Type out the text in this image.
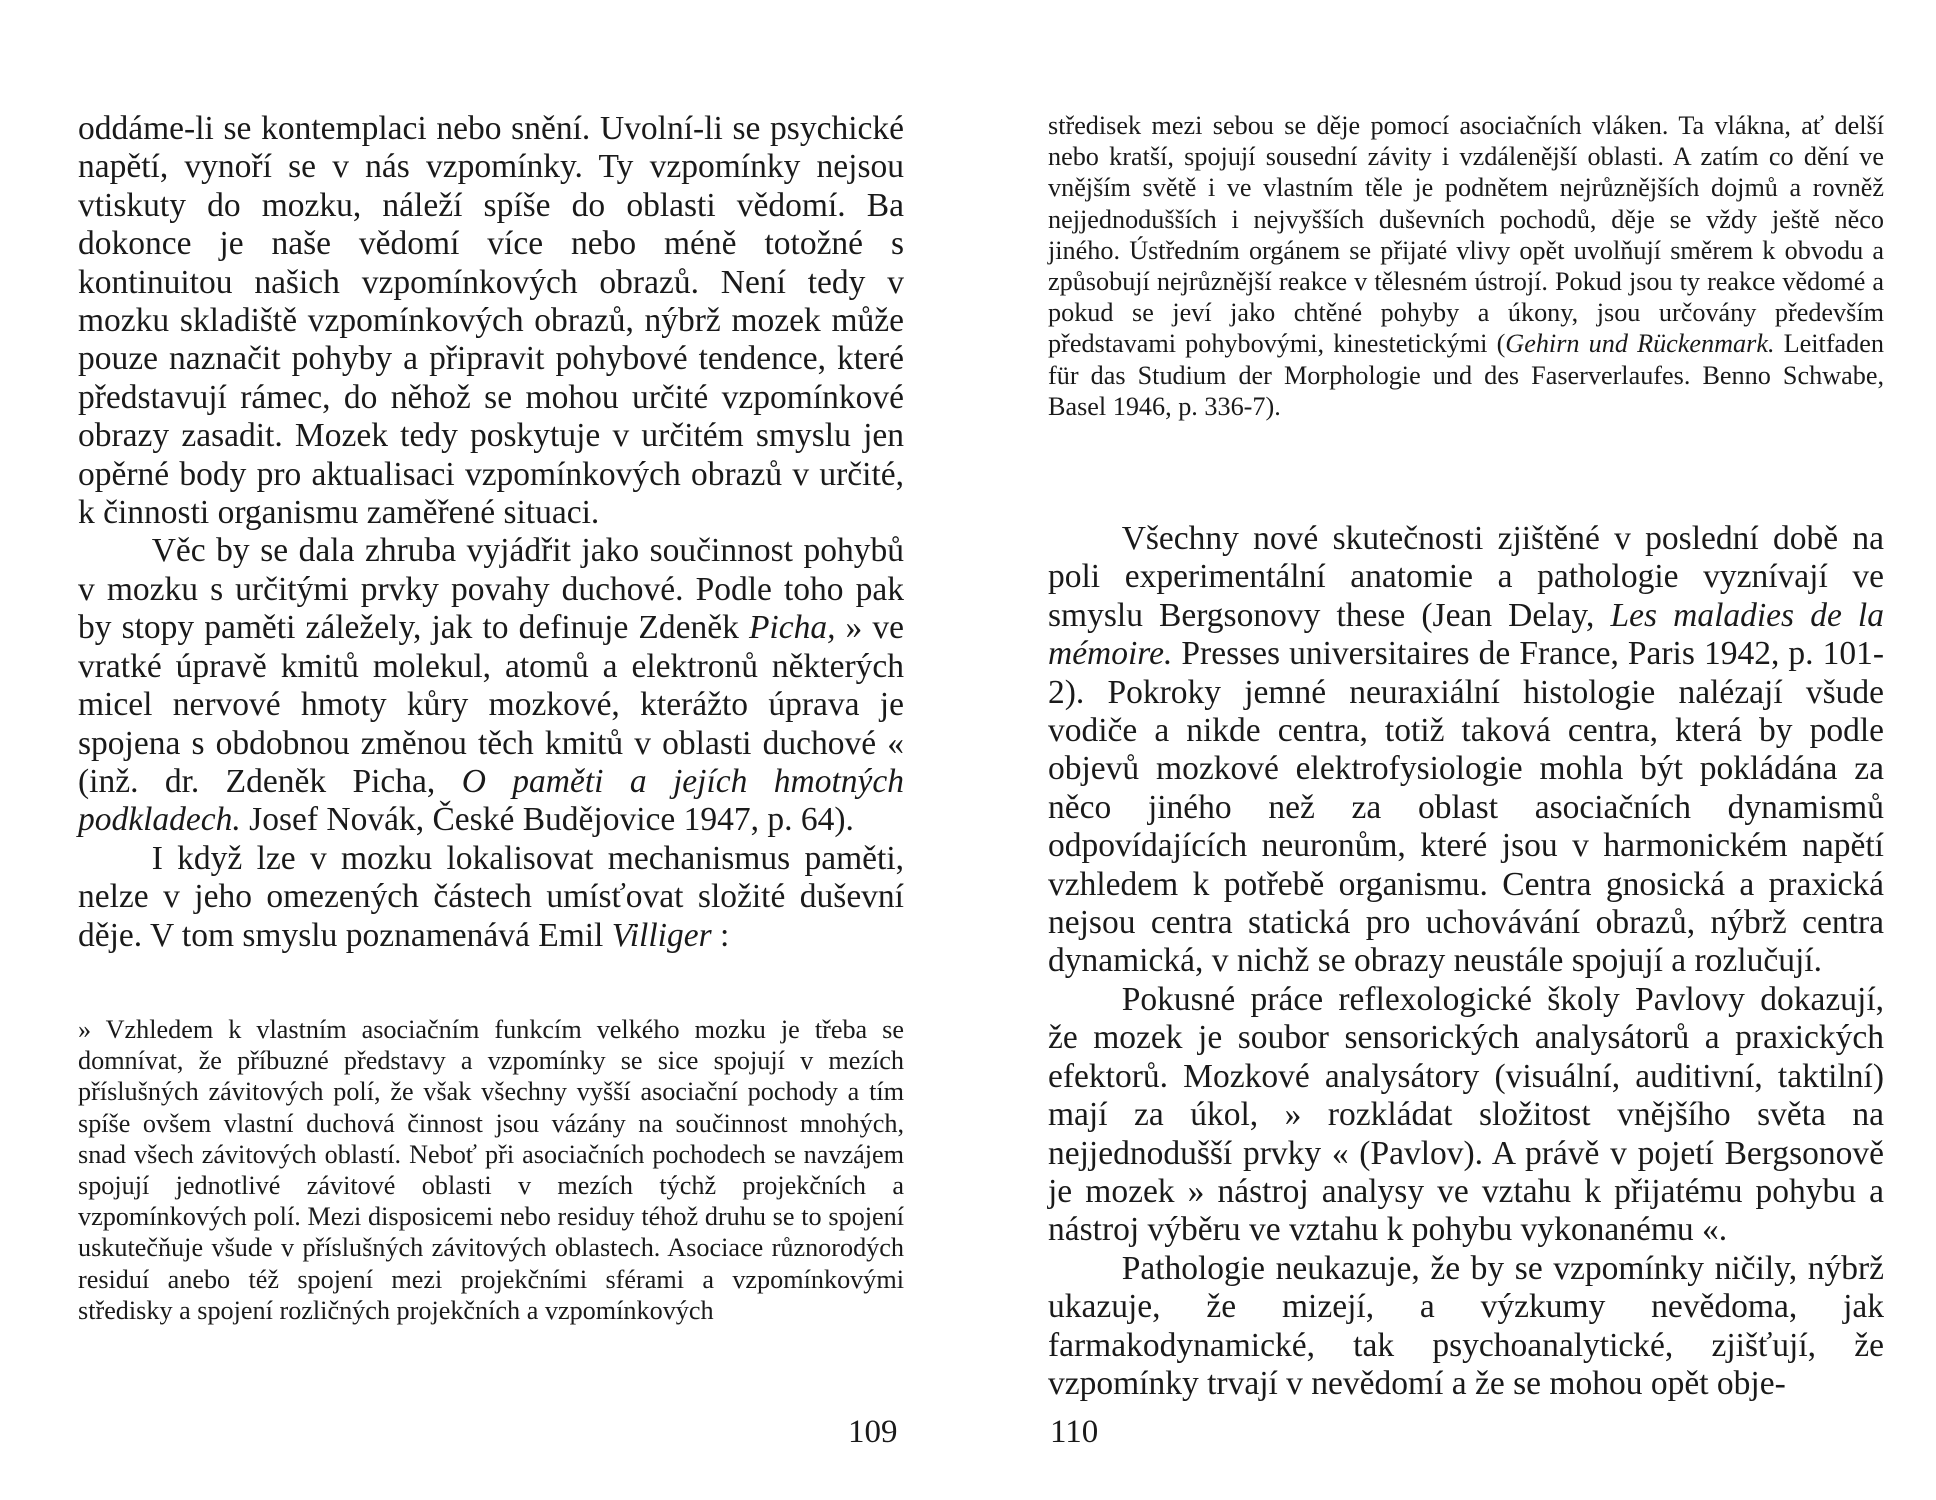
oddáme-li se kontemplaci nebo snění. Uvolní-li se psychické napětí, vynoří se v nás vzpomínky. Ty vzpomínky nejsou vtiskuty do mozku, náleží spíše do oblasti vědomí. Ba dokonce je naše vědomí více nebo méně totožné s kontinuitou našich vzpomínkových obrazů. Není tedy v mozku skladiště vzpomínkových obrazů, nýbrž mozek může pouze naznačit pohyby a připravit pohybové tendence, které představují rámec, do něhož se mohou určité vzpomínkové obrazy zasadit. Mozek tedy poskytuje v určitém smyslu jen opěrné body pro aktualisaci vzpomínkových obrazů v určité, k činnosti organismu zaměřené situaci.

Věc by se dala zhruba vyjádřit jako součinnost pohybů v mozku s určitými prvky povahy duchové. Podle toho pak by stopy paměti záležely, jak to definuje Zdeněk Picha, » ve vratké úpravě kmitů molekul, atomů a elektronů některých micel nervové hmoty kůry mozkové, kterážto úprava je spojena s obdobnou změnou těch kmitů v oblasti duchové « (inž. dr. Zdeněk Picha, O paměti a jejích hmotných podkladech. Josef Novák, České Budějovice 1947, p. 64).

I když lze v mozku lokalisovat mechanismus paměti, nelze v jeho omezených částech umísťovat složité duševní děje. V tom smyslu poznamenává Emil Villiger :

» Vzhledem k vlastním asociačním funkcím velkého mozku je třeba se domnívat, že příbuzné představy a vzpomínky se sice spojují v mezích příslušných závitových polí, že však všechny vyšší asociační pochody a tím spíše ovšem vlastní duchová činnost jsou vázány na součinnost mnohých, snad všech závitových oblastí. Neboť při asociačních pochodech se navzájem spojují jednotlivé závitové oblasti v mezích týchž projekčních a vzpomínkových polí. Mezi disposicemi nebo residuy téhož druhu se to spojení uskutečňuje všude v příslušných závitových oblastech. Asociace různorodých residuí anebo též spojení mezi projekčními sférami a vzpomínkovými středisky a spojení rozličných projekčních a vzpomínkových

109

středisek mezi sebou se děje pomocí asociačních vláken. Ta vlákna, ať delší nebo kratší, spojují sousední závity i vzdálenější oblasti. A zatím co dění ve vnějším světě i ve vlastním těle je podnětem nejrůznějších dojmů a rovněž nejjednodušších i nejvyšších duševních pochodů, děje se vždy ještě něco jiného. Ústředním orgánem se přijaté vlivy opět uvolňují směrem k obvodu a způsobují nejrůznější reakce v tělesném ústrojí. Pokud jsou ty reakce vědomé a pokud se jeví jako chtěné pohyby a úkony, jsou určovány především představami pohybovými, kinestetickými (Gehirn und Rückenmark. Leitfaden für das Studium der Morphologie und des Faserverlaufes. Benno Schwabe, Basel 1946, p. 336-7).

Všechny nové skutečnosti zjištěné v poslední době na poli experimentální anatomie a pathologie vyznívají ve smyslu Bergsonovy these (Jean Delay, Les maladies de la mémoire. Presses universitaires de France, Paris 1942, p. 101-2). Pokroky jemné neuraxiální histologie nalézají všude vodiče a nikde centra, totiž taková centra, která by podle objevů mozkové elektrofysiologie mohla být pokládána za něco jiného než za oblast asociačních dynamismů odpovídajících neuronům, které jsou v harmonickém napětí vzhledem k potřebě organismu. Centra gnosická a praxická nejsou centra statická pro uchovávání obrazů, nýbrž centra dynamická, v nichž se obrazy neustále spojují a rozlučují.

Pokusné práce reflexologické školy Pavlovy dokazují, že mozek je soubor sensorických analysátorů a praxických efektorů. Mozkové analysátory (visuální, auditivní, taktilní) mají za úkol, » rozkládat složitost vnějšího světa na nejjednodušší prvky « (Pavlov). A právě v pojetí Bergsonově je mozek » nástroj analysy ve vztahu k přijatému pohybu a nástroj výběru ve vztahu k pohybu vykonanému «.

Pathologie neukazuje, že by se vzpomínky ničily, nýbrž ukazuje, že mizejí, a výzkumy nevědoma, jak farmakodynamické, tak psychoanalytické, zjišťují, že vzpomínky trvají v nevědomí a že se mohou opět obje-

110
